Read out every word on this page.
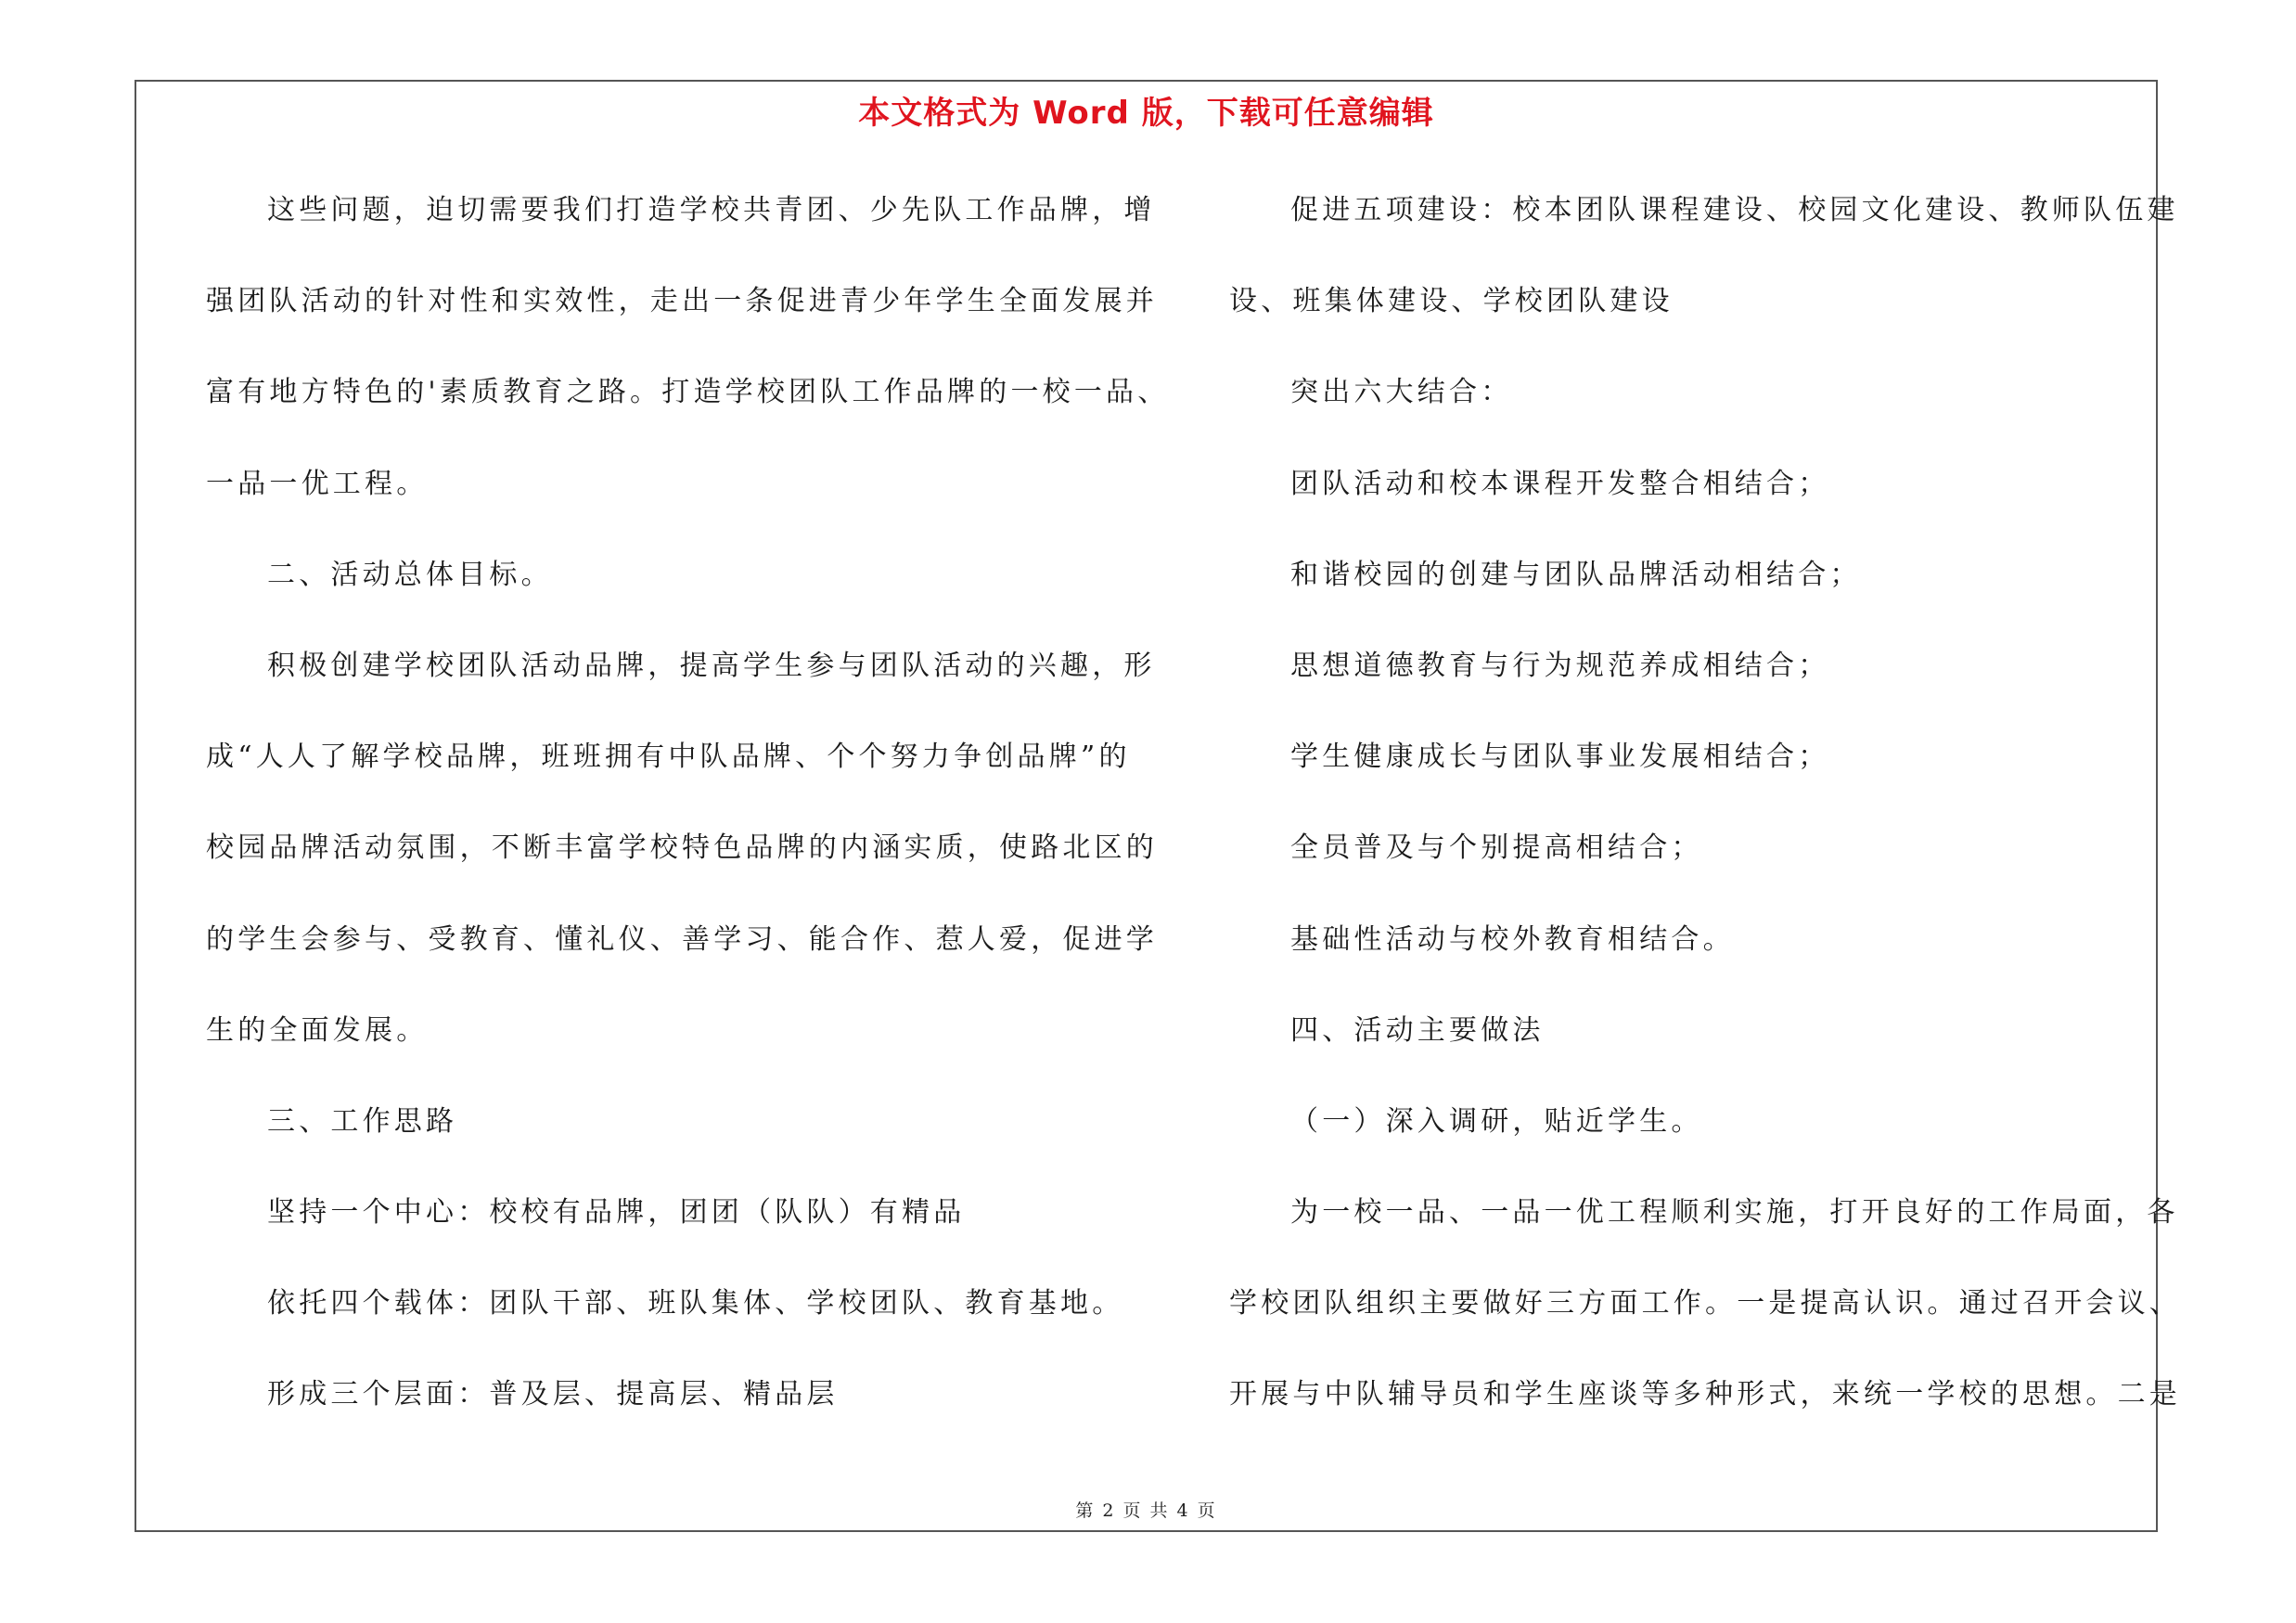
本文格式为 Word 版，下载可任意编辑
这些问题，迫切需要我们打造学校共青团、少先队工作品牌，增
强团队活动的针对性和实效性，走出一条促进青少年学生全面发展并
富有地方特色的'素质教育之路。打造学校团队工作品牌的一校一品、
一品一优工程。
二、活动总体目标。
积极创建学校团队活动品牌，提高学生参与团队活动的兴趣，形
成“人人了解学校品牌，班班拥有中队品牌、个个努力争创品牌”的
校园品牌活动氛围，不断丰富学校特色品牌的内涵实质，使路北区的
的学生会参与、受教育、懂礼仪、善学习、能合作、惹人爱，促进学
生的全面发展。
三、工作思路
坚持一个中心：校校有品牌，团团（队队）有精品
依托四个载体：团队干部、班队集体、学校团队、教育基地。
形成三个层面：普及层、提高层、精品层
促进五项建设：校本团队课程建设、校园文化建设、教师队伍建
设、班集体建设、学校团队建设
突出六大结合：
团队活动和校本课程开发整合相结合；
和谐校园的创建与团队品牌活动相结合；
思想道德教育与行为规范养成相结合；
学生健康成长与团队事业发展相结合；
全员普及与个别提高相结合；
基础性活动与校外教育相结合。
四、活动主要做法
（一）深入调研，贴近学生。
为一校一品、一品一优工程顺利实施，打开良好的工作局面，各
学校团队组织主要做好三方面工作。一是提高认识。通过召开会议、
开展与中队辅导员和学生座谈等多种形式，来统一学校的思想。二是
第 2 页 共 4 页
